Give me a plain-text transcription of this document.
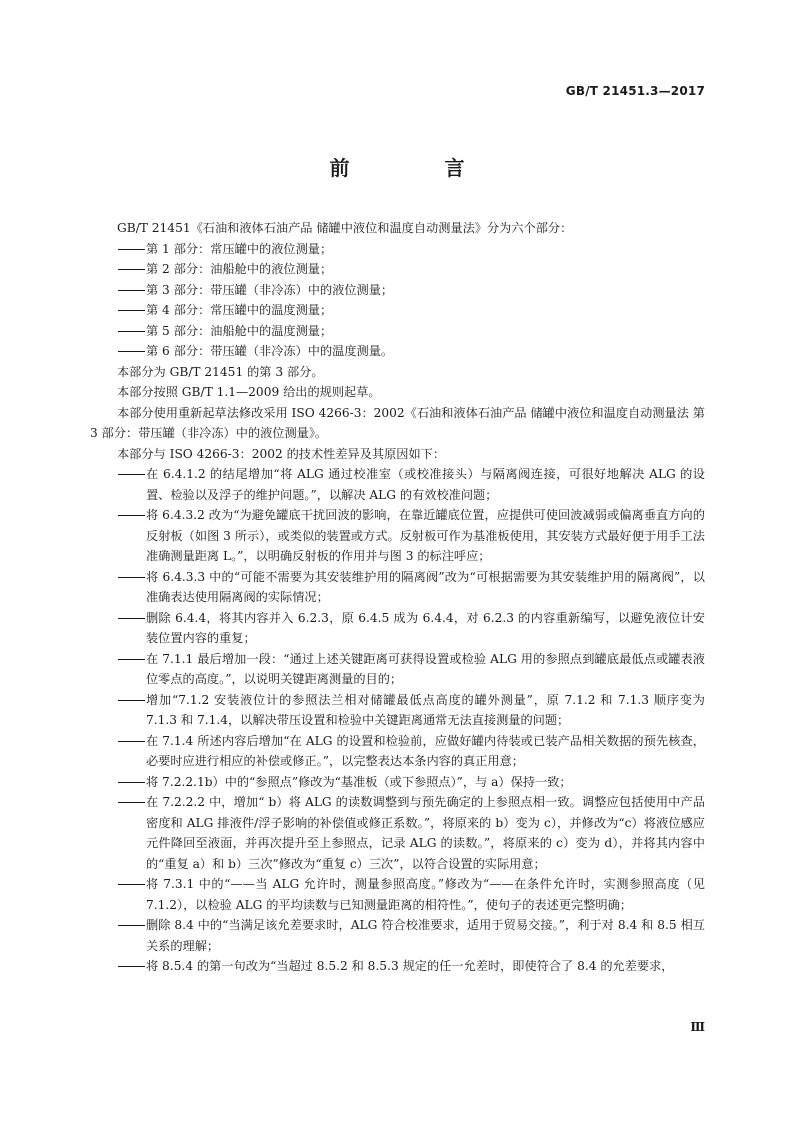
GB/T 21451.3—2017
前 言

GB/T 21451《石油和液体石油产品 储罐中液位和温度自动测量法》分为六个部分：

第 1 部分：常压罐中的液位测量；

第 2 部分：油船舱中的液位测量；

第 3 部分：带压罐（非冷冻）中的液位测量；

第 4 部分：常压罐中的温度测量；

第 5 部分：油船舱中的温度测量；

第 6 部分：带压罐（非冷冻）中的温度测量。

本部分为 GB/T 21451 的第 3 部分。

本部分按照 GB/T 1.1—2009 给出的规则起草。

本部分使用重新起草法修改采用 ISO 4266-3：2002《石油和液体石油产品 储罐中液位和温度自动测量法 第 3 部分：带压罐（非冷冻）中的液位测量》。

本部分与 ISO 4266-3：2002 的技术性差异及其原因如下：

在 6.4.1.2 的结尾增加“将 ALG 通过校准室（或校准接头）与隔离阀连接，可很好地解决 ALG 的设置、检验以及浮子的维护问题。”，以解决 ALG 的有效校准问题；

将 6.4.3.2 改为“为避免罐底干扰回波的影响，在靠近罐底位置，应提供可使回波减弱或偏离垂直方向的反射板（如图 3 所示），或类似的装置或方式。反射板可作为基准板使用，其安装方式最好便于用手工法准确测量距离 L。”，以明确反射板的作用并与图 3 的标注呼应；

将 6.4.3.3 中的“可能不需要为其安装维护用的隔离阀”改为“可根据需要为其安装维护用的隔离阀”，以准确表达使用隔离阀的实际情况；

删除 6.4.4，将其内容并入 6.2.3，原 6.4.5 成为 6.4.4，对 6.2.3 的内容重新编写，以避免液位计安装位置内容的重复；

在 7.1.1 最后增加一段：“通过上述关键距离可获得设置或检验 ALG 用的参照点到罐底最低点或罐表液位零点的高度。”，以说明关键距离测量的目的；

增加“7.1.2 安装液位计的参照法兰相对储罐最低点高度的罐外测量”，原 7.1.2 和 7.1.3 顺序变为 7.1.3 和 7.1.4，以解决带压设置和检验中关键距离通常无法直接测量的问题；

在 7.1.4 所述内容后增加“在 ALG 的设置和检验前，应做好罐内待装或已装产品相关数据的预先核查，必要时应进行相应的补偿或修正。”，以完整表达本条内容的真正用意；

将 7.2.2.1b）中的“参照点”修改为“基准板（或下参照点）”，与 a）保持一致；

在 7.2.2.2 中，增加“ b）将 ALG 的读数调整到与预先确定的上参照点相一致。调整应包括使用中产品密度和 ALG 排液件/浮子影响的补偿值或修正系数。”，将原来的 b）变为 c），并修改为“c）将液位感应元件降回至液面，并再次提升至上参照点，记录 ALG 的读数。”，将原来的 c）变为 d），并将其内容中的“重复 a）和 b）三次”修改为“重复 c）三次”，以符合设置的实际用意；

将 7.3.1 中的“——当 ALG 允许时，测量参照高度。”修改为“——在条件允许时，实测参照高度（见 7.1.2），以检验 ALG 的平均读数与已知测量距离的相符性。”，使句子的表述更完整明确；

删除 8.4 中的“当满足该允差要求时，ALG 符合校准要求，适用于贸易交接。”，利于对 8.4 和 8.5 相互关系的理解；

将 8.5.4 的第一句改为“当超过 8.5.2 和 8.5.3 规定的任一允差时，即使符合了 8.4 的允差要求，

Ⅲ
